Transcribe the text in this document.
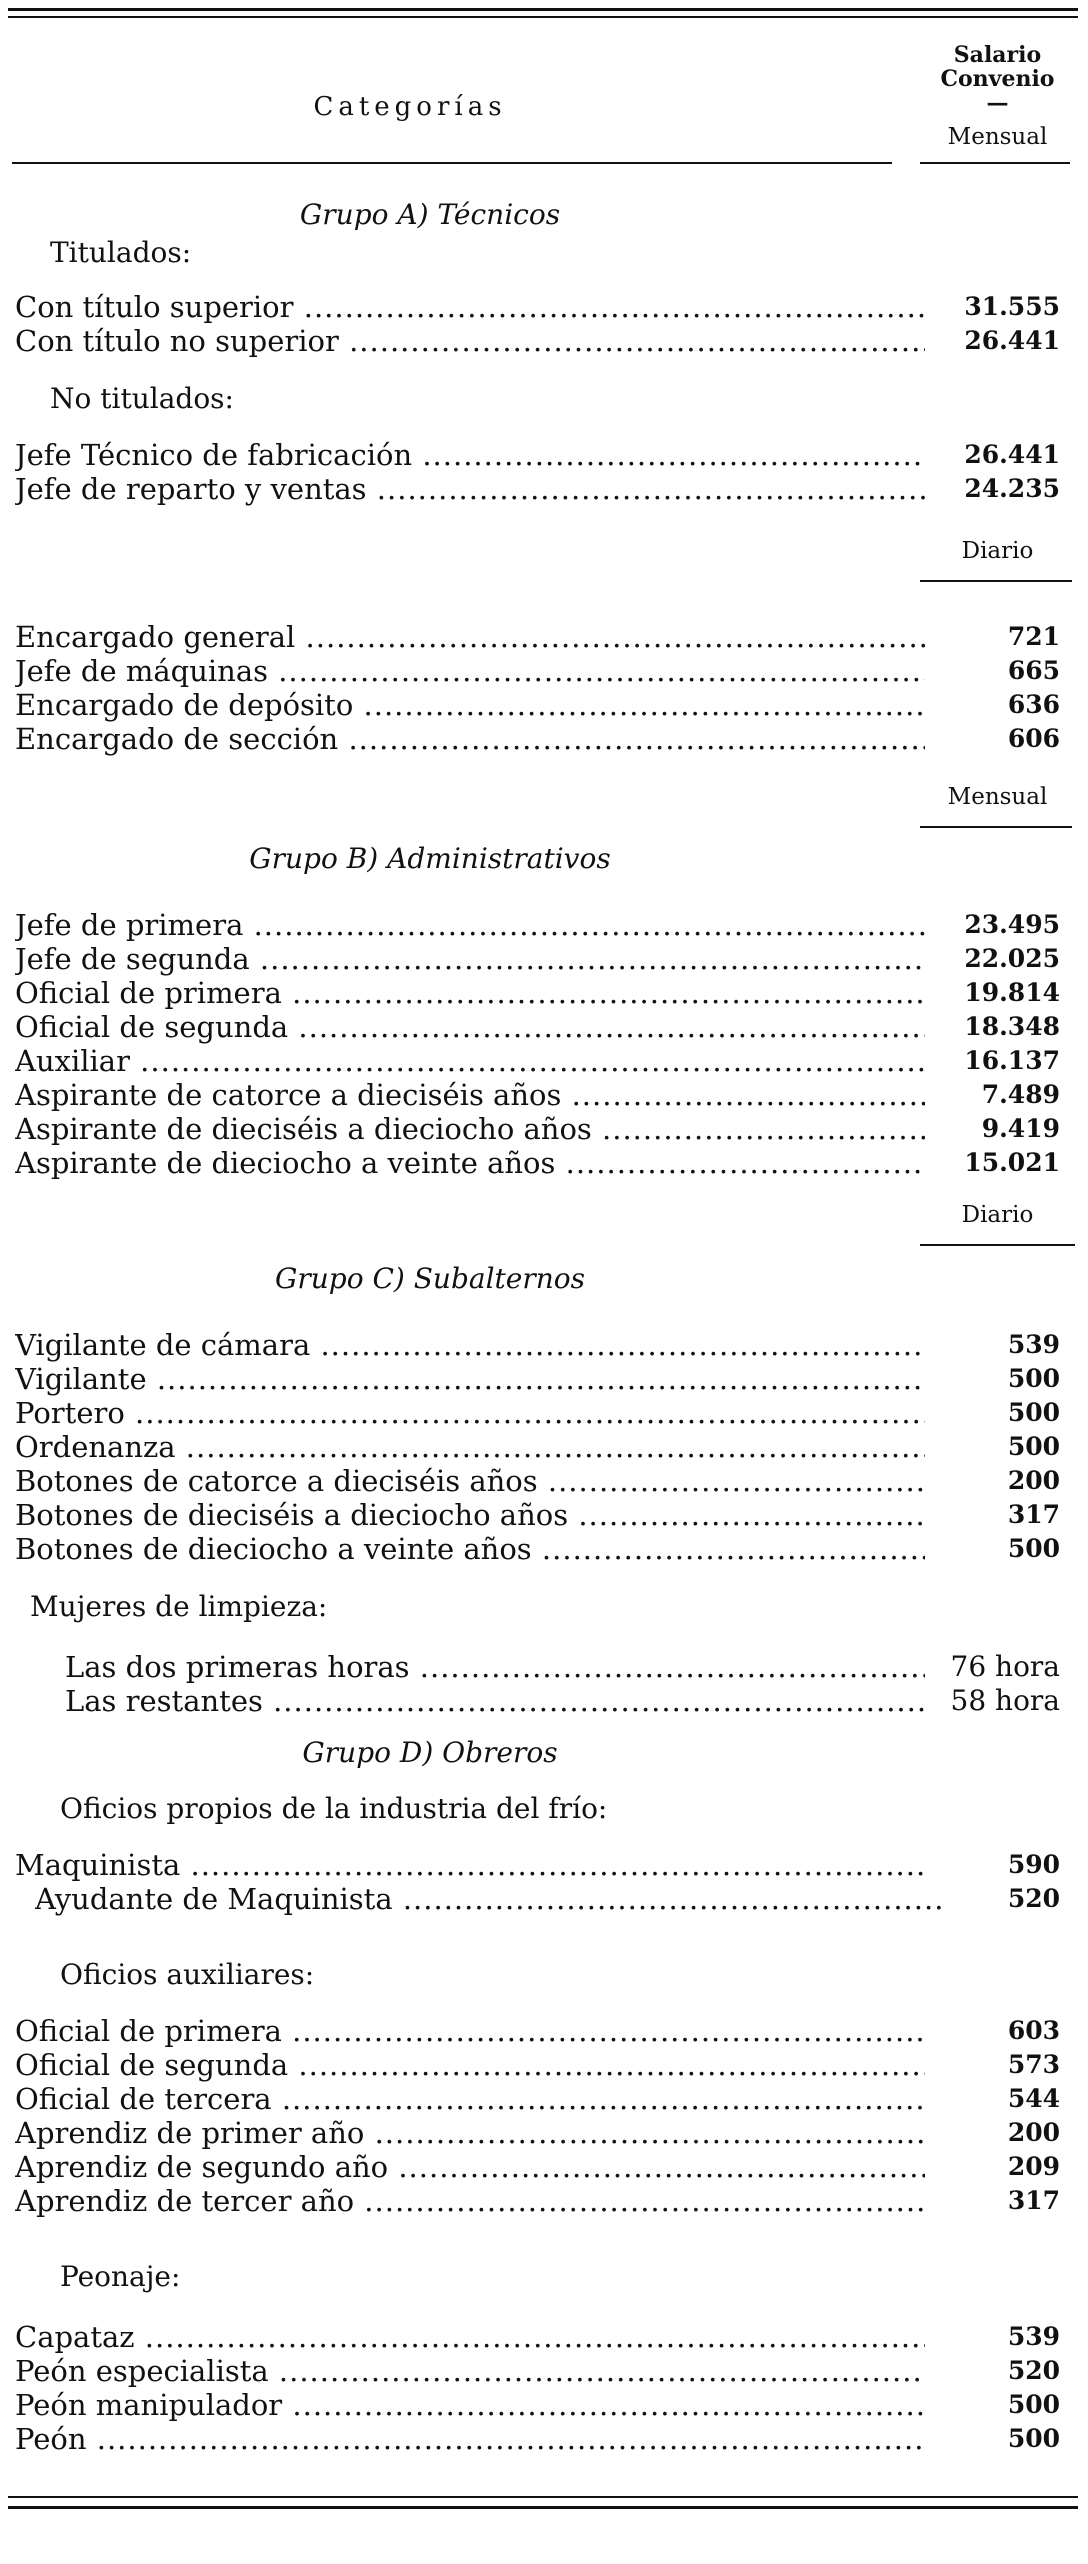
Categorías
Salario
Convenio
—
Mensual
Grupo A) Técnicos
Titulados:
Con título superior .....	31.555
Con título no superior .....	26.441
No titulados:
Jefe Técnico de fabricación .....	26.441
Jefe de reparto y ventas .....	24.235
Diario
Encargado general .....	721
Jefe de máquinas .....	665
Encargado de depósito .....	636
Encargado de sección .....	606
Mensual
Grupo B) Administrativos
Jefe de primera .....	23.495
Jefe de segunda .....	22.025
Oficial de primera .....	19.814
Oficial de segunda .....	18.348
Auxiliar .....	16.137
Aspirante de catorce a dieciséis años .....	7.489
Aspirante de dieciséis a dieciocho años .....	9.419
Aspirante de dieciocho a veinte años .....	15.021
Diario
Grupo C) Subalternos
Vigilante de cámara .....	539
Vigilante .....	500
Portero .....	500
Ordenanza .....	500
Botones de catorce a dieciséis años .....	200
Botones de dieciséis a dieciocho años .....	317
Botones de dieciocho a veinte años .....	500
Mujeres de limpieza:
Las dos primeras horas .....	76 hora
Las restantes .....	58 hora
Grupo D) Obreros
Oficios propios de la industria del frío:
Maquinista .....	590
Ayudante de Maquinista .....	520
Oficios auxiliares:
Oficial de primera .....	603
Oficial de segunda .....	573
Oficial de tercera .....	544
Aprendiz de primer año .....	200
Aprendiz de segundo año .....	209
Aprendiz de tercer año .....	317
Peonaje:
Capataz .....	539
Peón especialista .....	520
Peón manipulador .....	500
Peón .....	500
